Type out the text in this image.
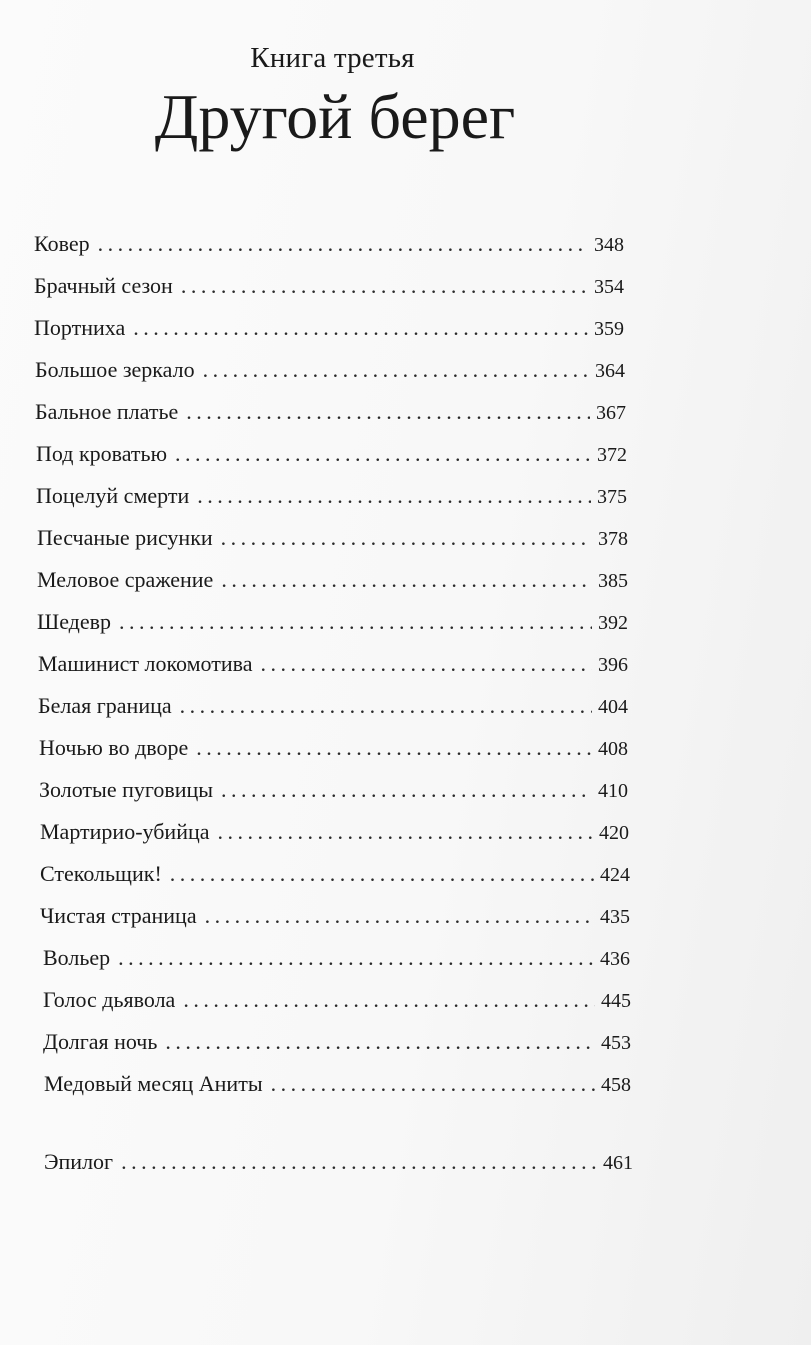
Книга третья
Другой берег
Ковер . . .	348
Брачный сезон . . .	354
Портниха . . .	359
Большое зеркало . . .	364
Бальное платье . . .	367
Под кроватью . . .	372
Поцелуй смерти . . .	375
Песчаные рисунки . . .	378
Меловое сражение . . .	385
Шедевр . . .	392
Машинист локомотива . . .	396
Белая граница . . .	404
Ночью во дворе . . .	408
Золотые пуговицы . . .	410
Мартирио-убийца . . .	420
Стекольщик! . . .	424
Чистая страница . . .	435
Вольер . . .	436
Голос дьявола . . .	445
Долгая ночь . . .	453
Медовый месяц Аниты . . .	458
Эпилог . . .	461
